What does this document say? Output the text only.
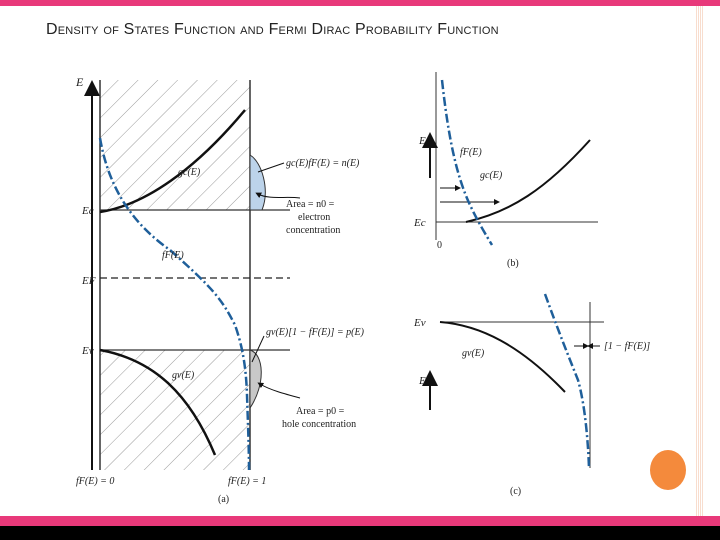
Density of States Function and Fermi Dirac Probability Function
E
Ec
EF
Ev
gc(E)
fF(E)
gv(E)
gc(E)fF(E) = n(E)
Area = n0 =
electron
concentration
gv(E)[1 − fF(E)] = p(E)
Area = p0 =
hole concentration
fF(E) = 0	fF(E) = 1
(a)
E
Ec
fF(E)
gc(E)
0
(b)
Ev
E
gv(E)
[1 − fF(E)]
(c)
